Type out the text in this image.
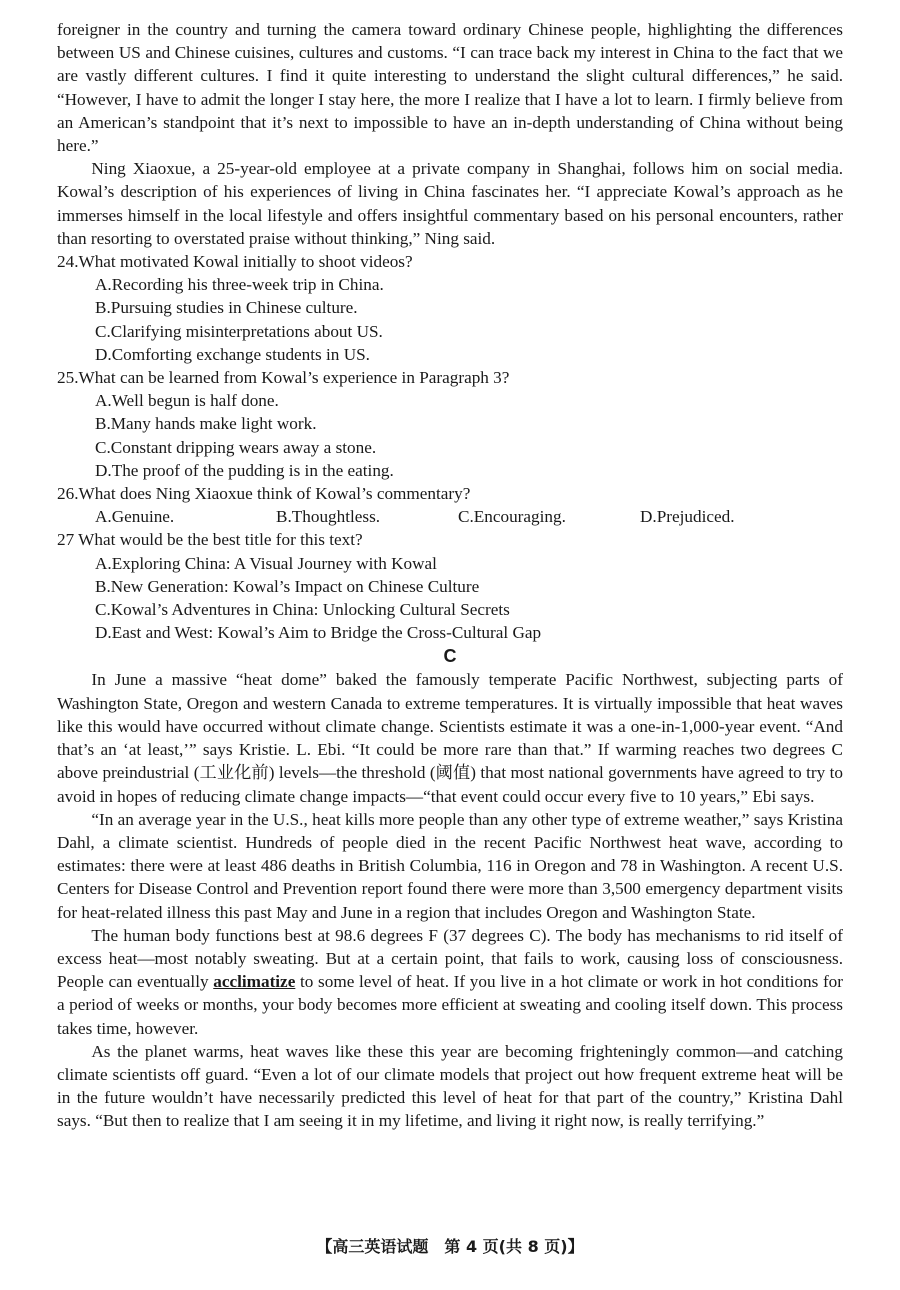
foreigner in the country and turning the camera toward ordinary Chinese people, highlighting the differences between US and Chinese cuisines, cultures and customs. “I can trace back my interest in China to the fact that we are vastly different cultures. I find it quite interesting to understand the slight cultural differences,” he said. “However, I have to admit the longer I stay here, the more I realize that I have a lot to learn. I firmly believe from an American’s standpoint that it’s next to impossible to have an in-depth understanding of China without being here.”

Ning Xiaoxue, a 25-year-old employee at a private company in Shanghai, follows him on social media. Kowal’s description of his experiences of living in China fascinates her. “I appreciate Kowal’s approach as he immerses himself in the local lifestyle and offers insightful commentary based on his personal encounters, rather than resorting to overstated praise without thinking,” Ning said.

24.What motivated Kowal initially to shoot videos?

A.Recording his three-week trip in China.

B.Pursuing studies in Chinese culture.

C.Clarifying misinterpretations about US.

D.Comforting exchange students in US.

25.What can be learned from Kowal’s experience in Paragraph 3?

A.Well begun is half done.

B.Many hands make light work.

C.Constant dripping wears away a stone.

D.The proof of the pudding is in the eating.

26.What does Ning Xiaoxue think of Kowal’s commentary?

A.Genuine.	B.Thoughtless.	C.Encouraging.	D.Prejudiced.

27 What would be the best title for this text?

A.Exploring China: A Visual Journey with Kowal

B.New Generation: Kowal’s Impact on Chinese Culture

C.Kowal’s Adventures in China: Unlocking Cultural Secrets

D.East and West: Kowal’s Aim to Bridge the Cross-Cultural Gap

C

In June a massive “heat dome” baked the famously temperate Pacific Northwest, subjecting parts of Washington State, Oregon and western Canada to extreme temperatures. It is virtually impossible that heat waves like this would have occurred without climate change. Scientists estimate it was a one-in-1,000-year event. “And that’s an ‘at least,’” says Kristie. L. Ebi. “It could be more rare than that.” If warming reaches two degrees C above preindustrial (工业化前) levels—the threshold (阈值) that most national governments have agreed to try to avoid in hopes of reducing climate change impacts—“that event could occur every five to 10 years,” Ebi says.

“In an average year in the U.S., heat kills more people than any other type of extreme weather,” says Kristina Dahl, a climate scientist. Hundreds of people died in the recent Pacific Northwest heat wave, according to estimates: there were at least 486 deaths in British Columbia, 116 in Oregon and 78 in Washington. A recent U.S. Centers for Disease Control and Prevention report found there were more than 3,500 emergency department visits for heat-related illness this past May and June in a region that includes Oregon and Washington State.

The human body functions best at 98.6 degrees F (37 degrees C). The body has mechanisms to rid itself of excess heat—most notably sweating. But at a certain point, that fails to work, causing loss of consciousness. People can eventually acclimatize to some level of heat. If you live in a hot climate or work in hot conditions for a period of weeks or months, your body becomes more efficient at sweating and cooling itself down. This process takes time, however.

As the planet warms, heat waves like these this year are becoming frighteningly common—and catching climate scientists off guard. “Even a lot of our climate models that project out how frequent extreme heat will be in the future wouldn’t have necessarily predicted this level of heat for that part of the country,” Kristina Dahl says. “But then to realize that I am seeing it in my lifetime, and living it right now, is really terrifying.”

【高三英语试题　第 4 页(共 8 页)】
